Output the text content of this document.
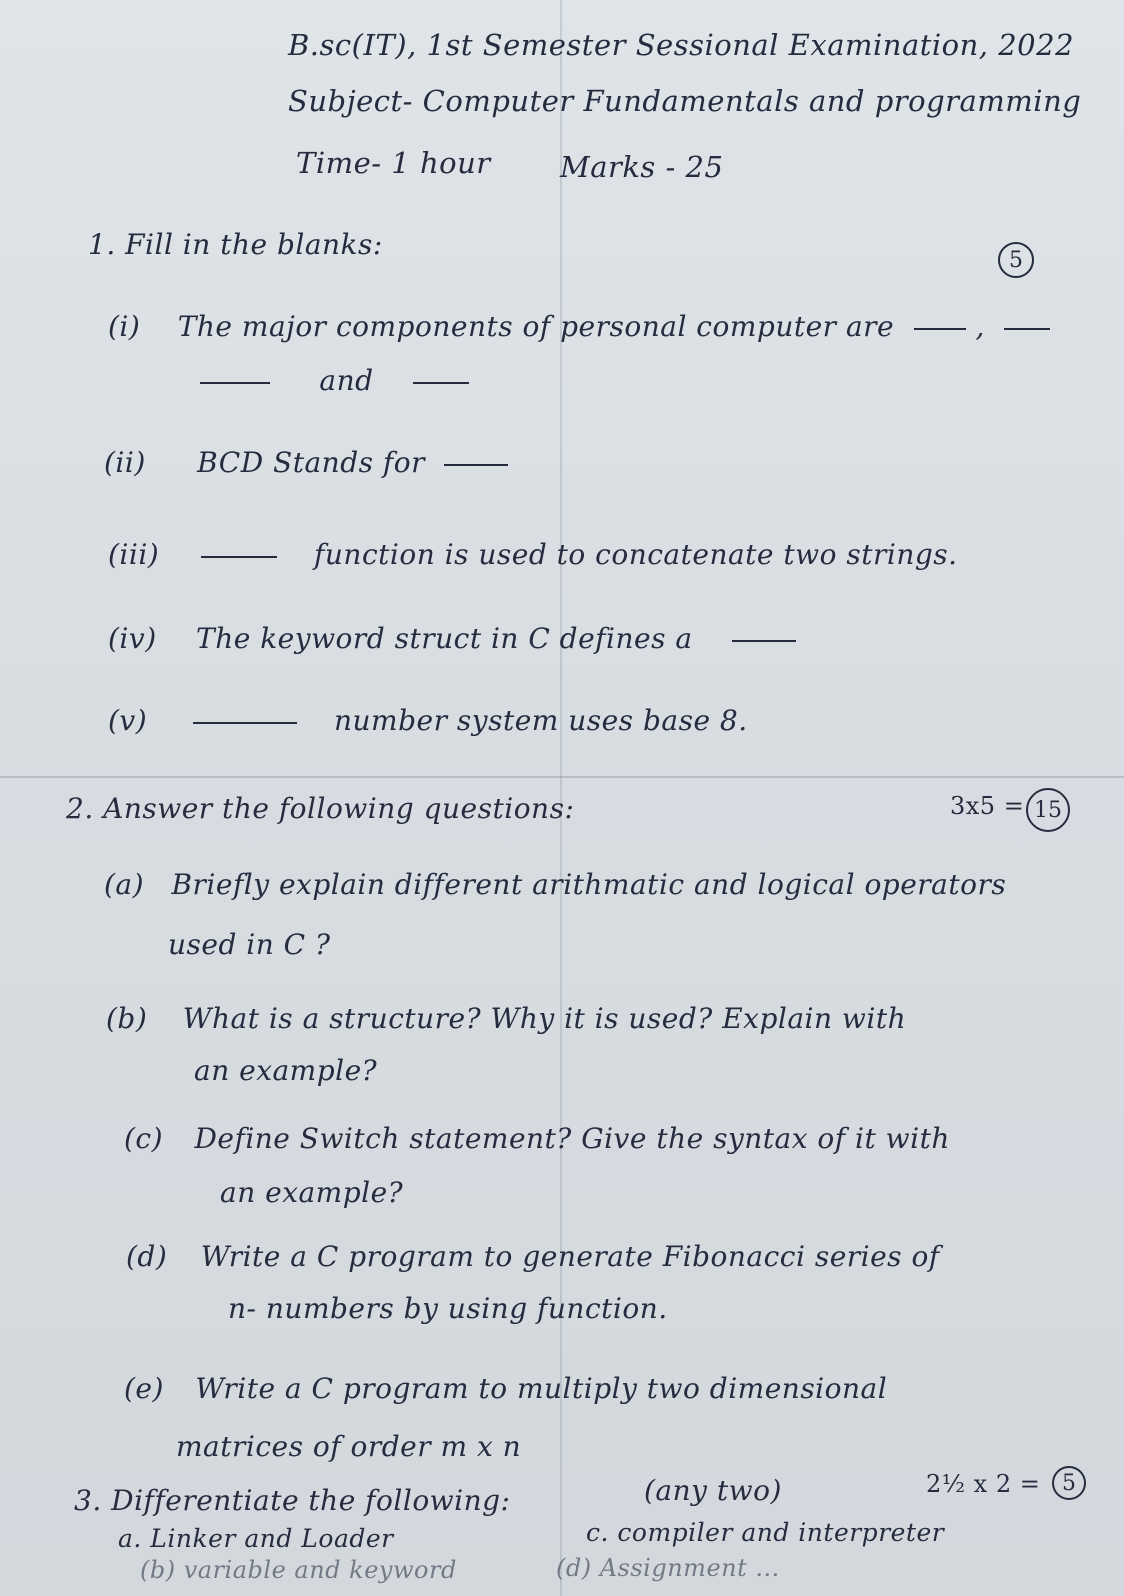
B.sc(IT), 1st Semester Sessional Examination, 2022
Subject- Computer Fundamentals and programming
Time- 1 hour Marks - 25
1. Fill in the blanks:	5
(i) The major components of personal computer are	,
and
(ii) BCD Stands for
(iii)	function is used to concatenate two strings.
(iv) The keyword struct in C defines a
(v)	number system uses base 8.
2. Answer the following questions:	3x5 = 15
(a) Briefly explain different arithmatic and logical operators
used in C ?
(b) What is a structure? Why it is used? Explain with
an example?
(c) Define Switch statement? Give the syntax of it with
an example?
(d) Write a C program to generate Fibonacci series of
n- numbers by using function.
(e) Write a C program to multiply two dimensional
matrices of order m x n
3. Differentiate the following:	(any two)	2½ x 2 = 5
a. Linker and Loader	c. compiler and interpreter
(b) variable and keyword	(d) Assignment ...
